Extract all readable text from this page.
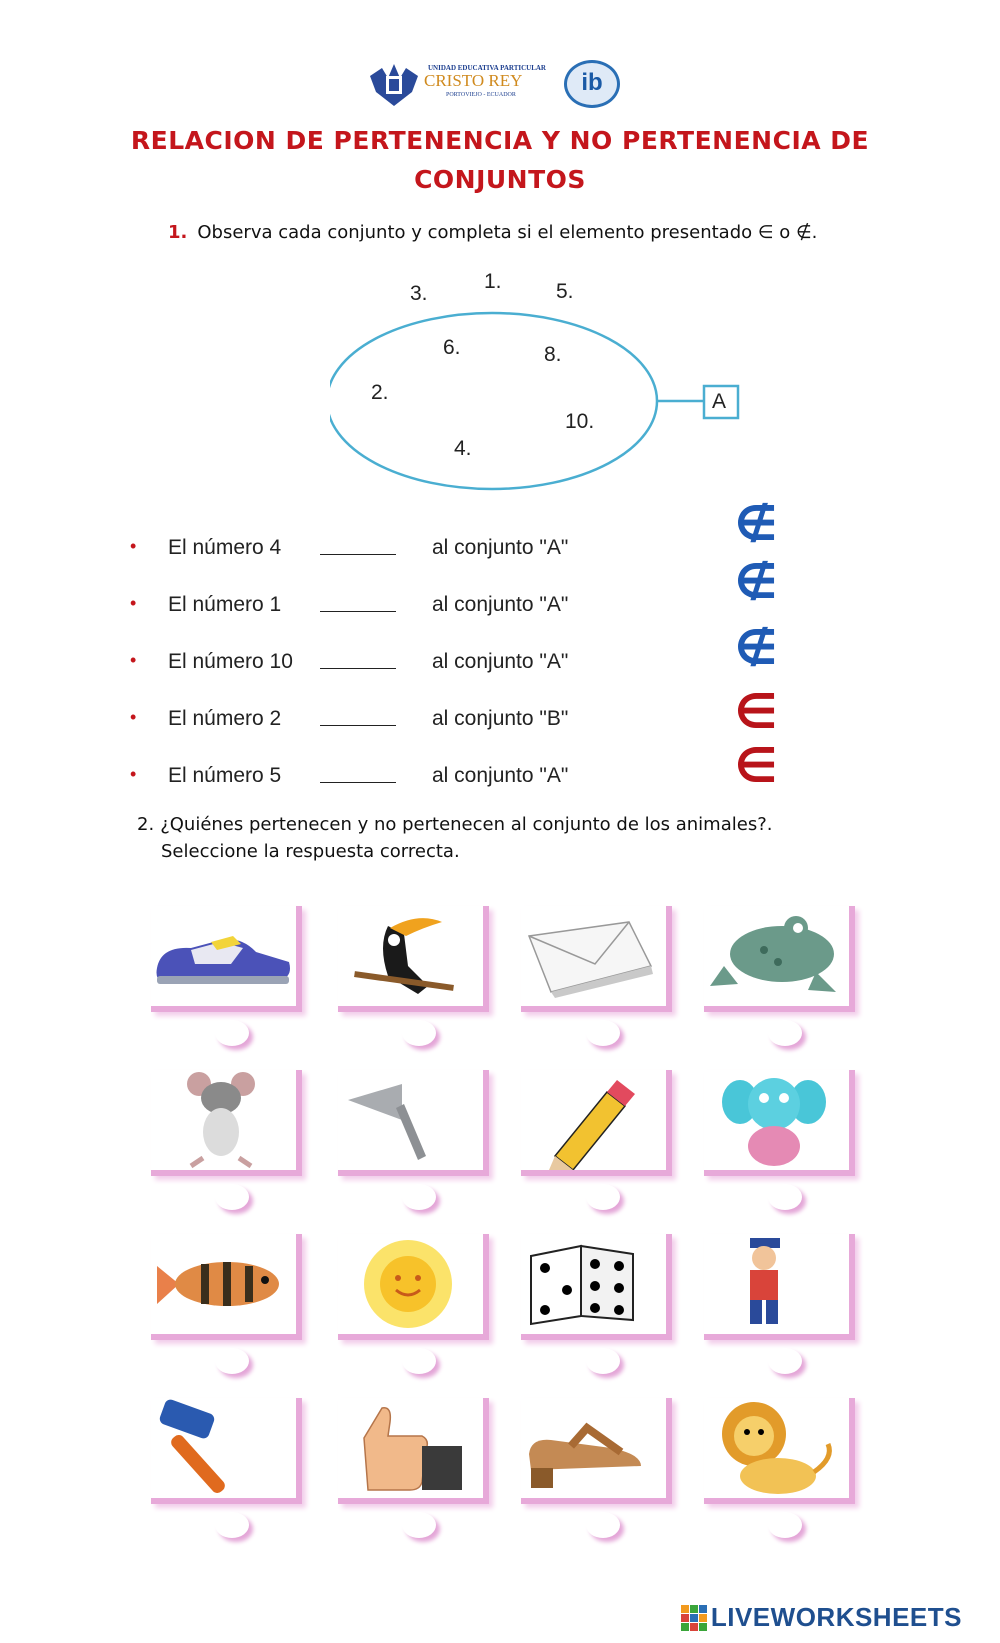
UNIDAD EDUCATIVA PARTICULAR
CRISTO REY
PORTOVIEJO - ECUADOR	ib
RELACION DE PERTENENCIA Y NO PERTENENCIA DE
CONJUNTOS
1. Observa cada conjunto y completa si el elemento presentado ∈ o ∉.
A
3.
1.	5.
6.	8.
2.
10.
4.
• El número 4	al conjunto "A"
• El número 1	al conjunto "A"
• El número 10	al conjunto "A"
• El número 2	al conjunto "B"
• El número 5	al conjunto "A"
∉
∉
∉
∈
∈
2. ¿Quiénes pertenecen y no pertenecen al conjunto de los animales?.
Seleccione la respuesta correcta.
LIVEWORKSHEETS
